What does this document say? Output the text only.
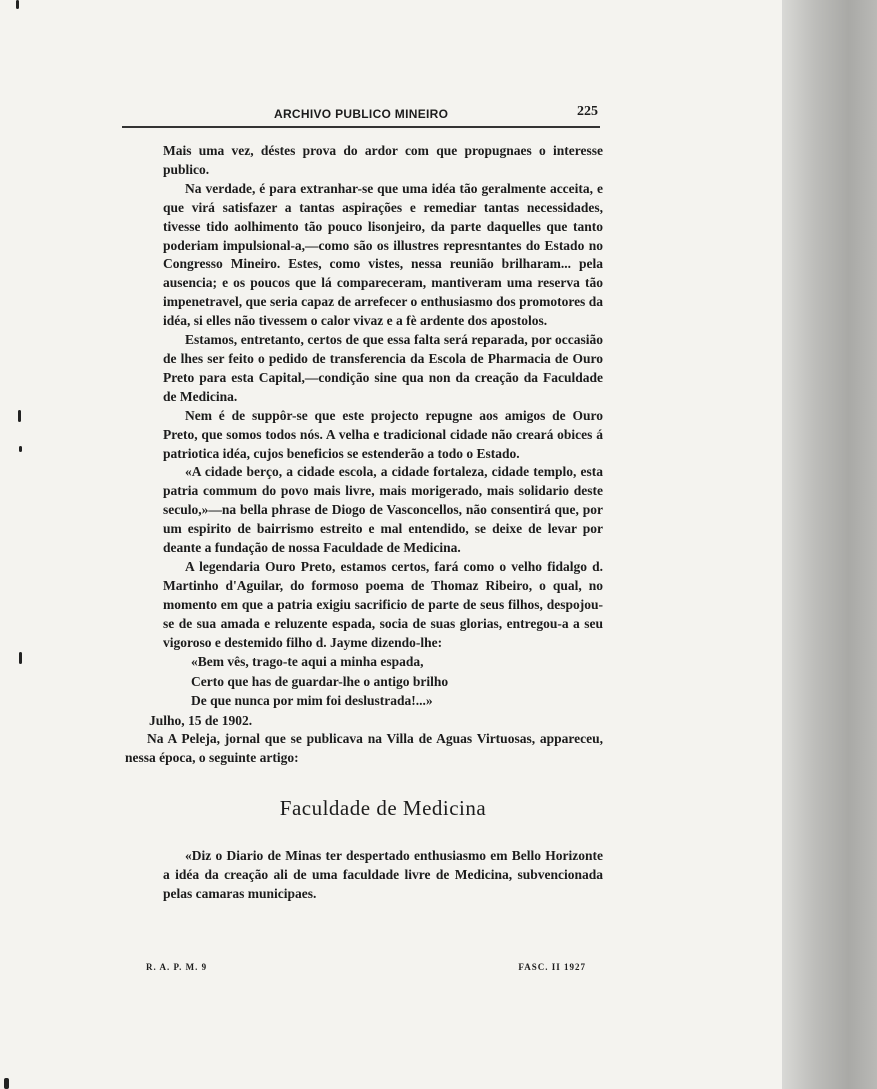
ARCHIVO PUBLICO MINEIRO	225

Mais uma vez, déstes prova do ardor com que propugnaes o interesse publico.

Na verdade, é para extranhar-se que uma idéa tão geralmente acceita, e que virá satisfazer a tantas aspirações e remediar tantas necessidades, tivesse tido aolhimento tão pouco lisonjeiro, da parte daquelles que tanto poderiam impulsional-a,—como são os illustres represntantes do Estado no Congresso Mineiro. Estes, como vistes, nessa reunião brilharam... pela ausencia; e os poucos que lá compareceram, mantiveram uma reserva tão impenetravel, que seria capaz de arrefecer o enthusiasmo dos promotores da idéa, si elles não tivessem o calor vivaz e a fè ardente dos apostolos.

Estamos, entretanto, certos de que essa falta será reparada, por occasião de lhes ser feito o pedido de transferencia da Escola de Pharmacia de Ouro Preto para esta Capital,—condição sine qua non da creação da Faculdade de Medicina.

Nem é de suppôr-se que este projecto repugne aos amigos de Ouro Preto, que somos todos nós. A velha e tradicional cidade não creará obices á patriotica idéa, cujos beneficios se estenderão a todo o Estado.

«A cidade berço, a cidade escola, a cidade fortaleza, cidade templo, esta patria commum do povo mais livre, mais morigerado, mais solidario deste seculo,»—na bella phrase de Diogo de Vasconcellos, não consentirá que, por um espirito de bairrismo estreito e mal entendido, se deixe de levar por deante a fundação de nossa Faculdade de Medicina.

A legendaria Ouro Preto, estamos certos, fará como o velho fidalgo d. Martinho d'Aguilar, do formoso poema de Thomaz Ribeiro, o qual, no momento em que a patria exigiu sacrificio de parte de seus filhos, despojou-se de sua amada e reluzente espada, socia de suas glorias, entregou-a a seu vigoroso e destemido filho d. Jayme dizendo-lhe:

«Bem vês, trago-te aqui a minha espada,

Certo que has de guardar-lhe o antigo brilho

De que nunca por mim foi deslustrada!...»

Julho, 15 de 1902.

Na A Peleja, jornal que se publicava na Villa de Aguas Virtuosas, appareceu, nessa época, o seguinte artigo:

Faculdade de Medicina

«Diz o Diario de Minas ter despertado enthusiasmo em Bello Horizonte a idéa da creação ali de uma faculdade livre de Medicina, subvencionada pelas camaras municipaes.

R. A. P. M. 9	FASC. II 1927
